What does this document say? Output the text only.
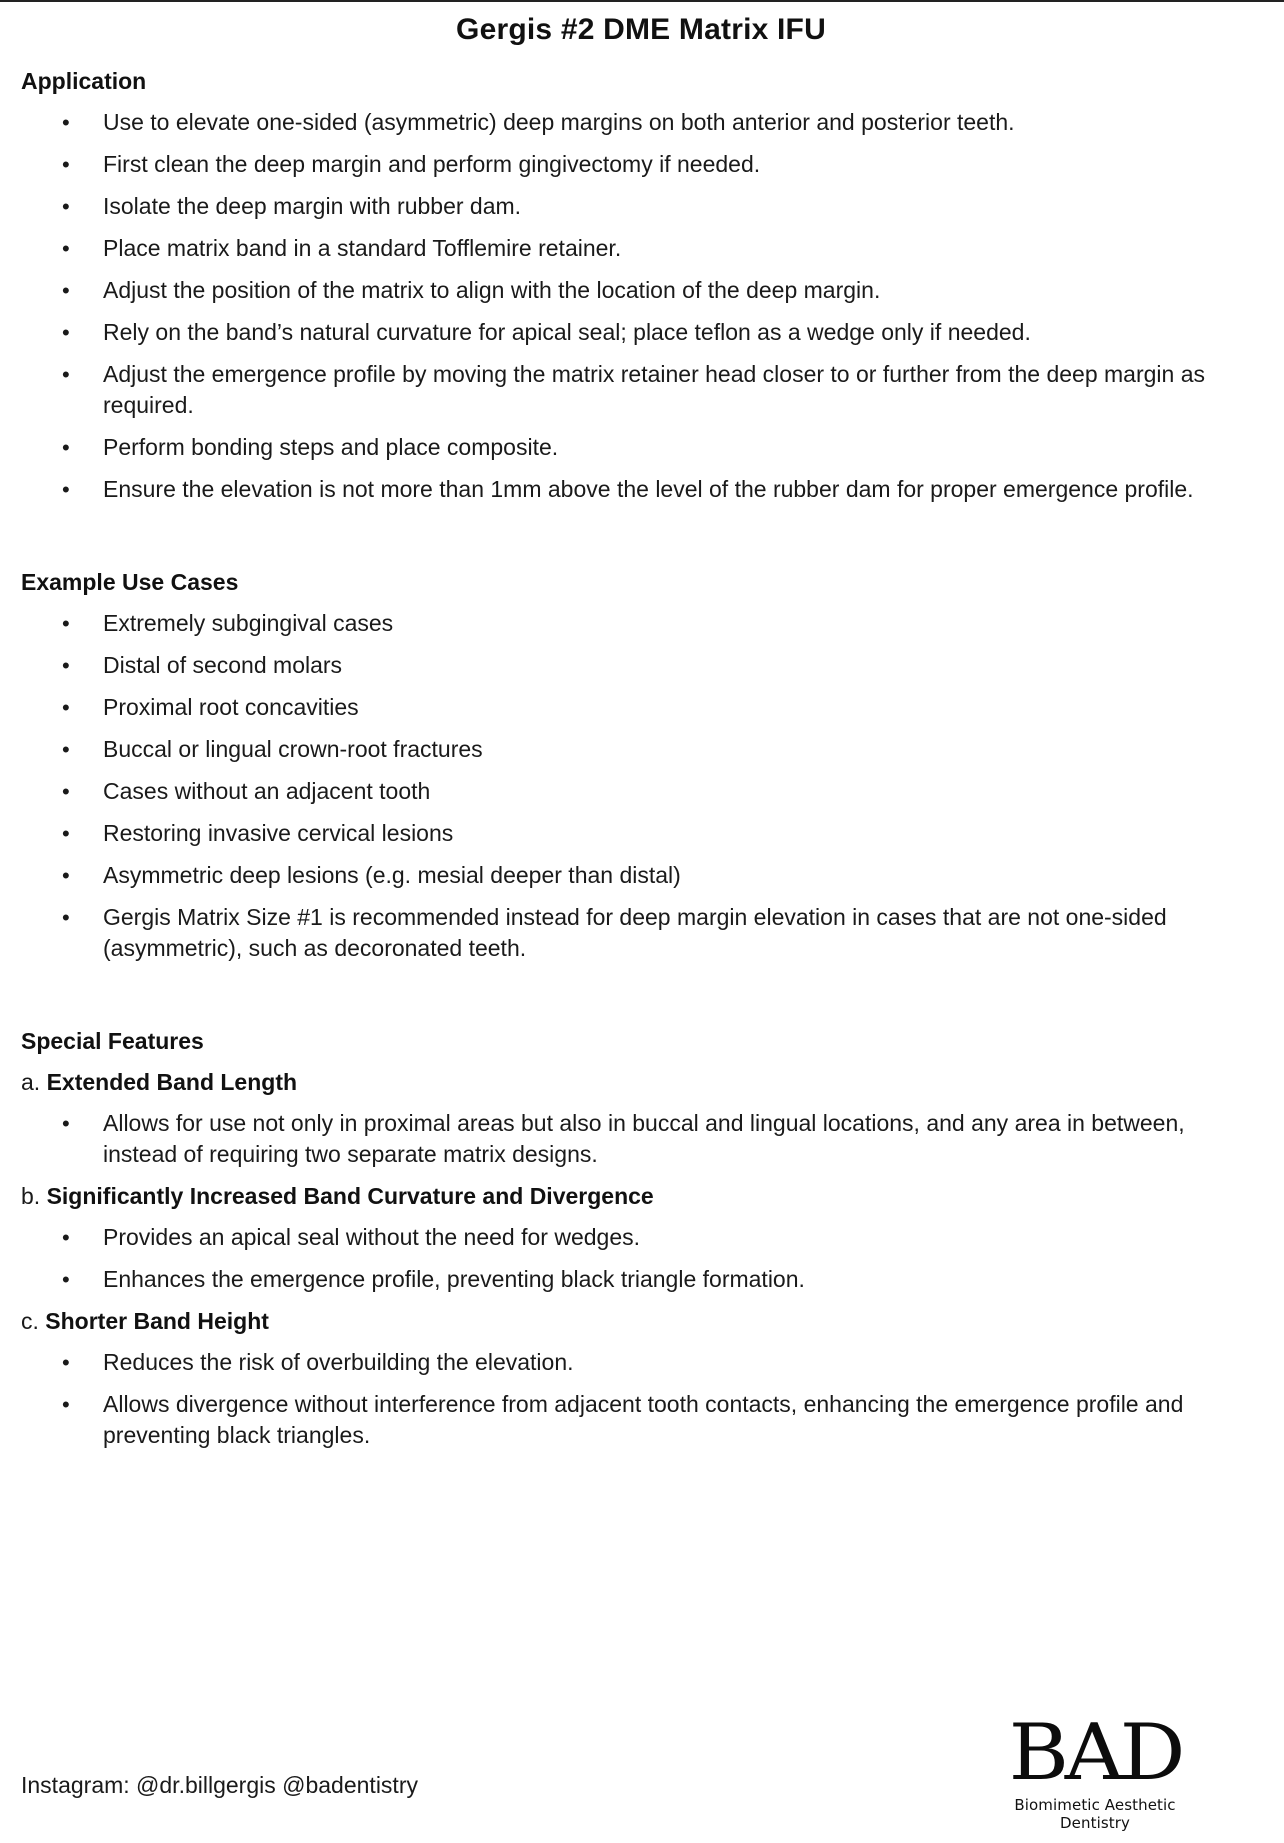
Gergis #2 DME Matrix IFU

Application

• Use to elevate one-sided (asymmetric) deep margins on both anterior and posterior teeth.
• First clean the deep margin and perform gingivectomy if needed.
• Isolate the deep margin with rubber dam.
• Place matrix band in a standard Tofflemire retainer.
• Adjust the position of the matrix to align with the location of the deep margin.
• Rely on the band’s natural curvature for apical seal; place teflon as a wedge only if needed.
• Adjust the emergence profile by moving the matrix retainer head closer to or further from the deep margin as required.
• Perform bonding steps and place composite.
• Ensure the elevation is not more than 1mm above the level of the rubber dam for proper emergence profile.

Example Use Cases

• Extremely subgingival cases
• Distal of second molars
• Proximal root concavities
• Buccal or lingual crown-root fractures
• Cases without an adjacent tooth
• Restoring invasive cervical lesions
• Asymmetric deep lesions (e.g. mesial deeper than distal)
• Gergis Matrix Size #1 is recommended instead for deep margin elevation in cases that are not one-sided (asymmetric), such as decoronated teeth.

Special Features

a. Extended Band Length

• Allows for use not only in proximal areas but also in buccal and lingual locations, and any area in between, instead of requiring two separate matrix designs.

b. Significantly Increased Band Curvature and Divergence

• Provides an apical seal without the need for wedges.
• Enhances the emergence profile, preventing black triangle formation.

c. Shorter Band Height

• Reduces the risk of overbuilding the elevation.
• Allows divergence without interference from adjacent tooth contacts, enhancing the emergence profile and preventing black triangles.
Instagram: @dr.billgergis @badentistry	BAD
Biomimetic Aesthetic Dentistry
